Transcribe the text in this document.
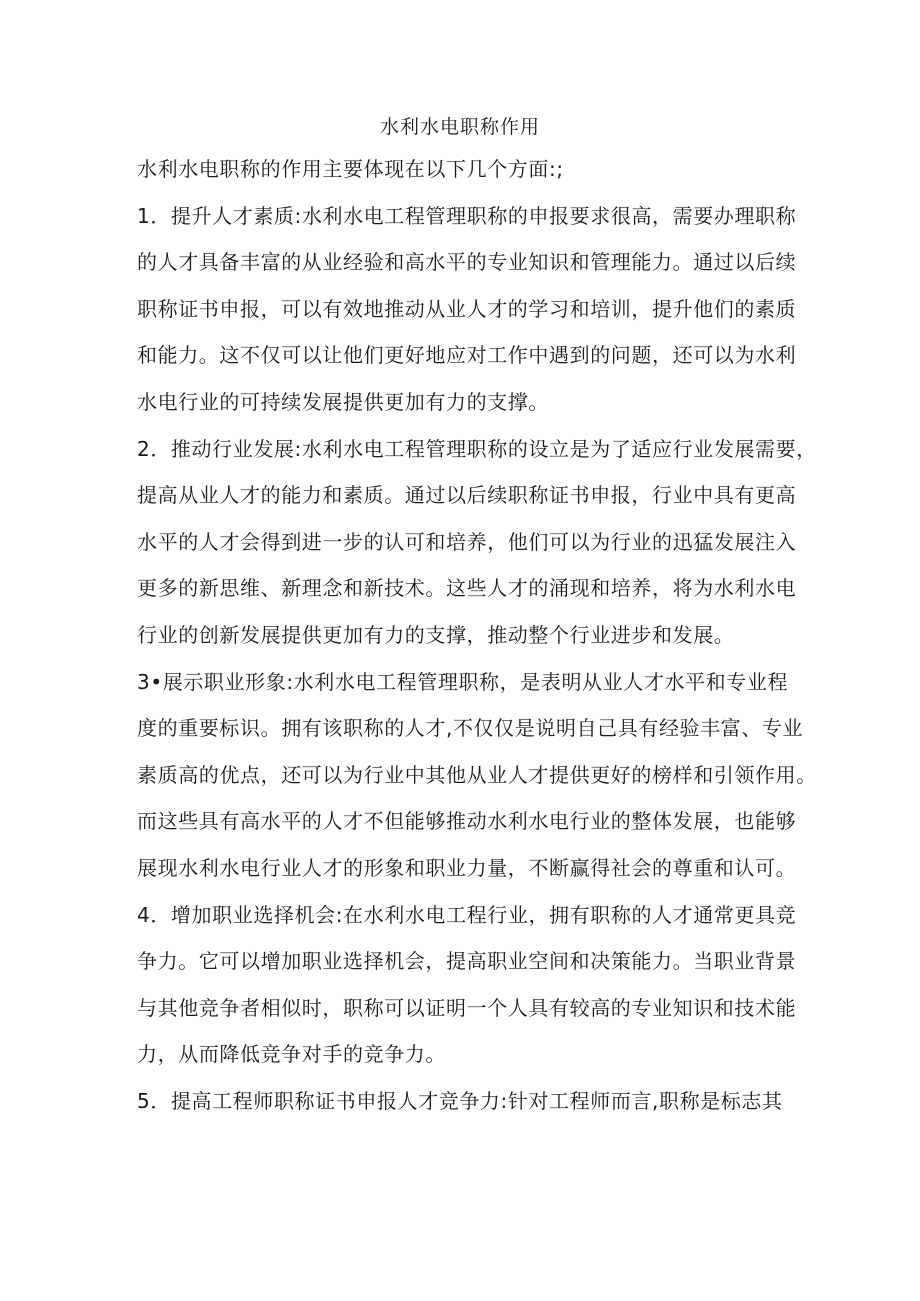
水利水电职称作用
水利水电职称的作用主要体现在以下几个方面:;
1．提升人才素质:水利水电工程管理职称的申报要求很高，需要办理职称
的人才具备丰富的从业经验和高水平的专业知识和管理能力。通过以后续
职称证书申报，可以有效地推动从业人才的学习和培训，提升他们的素质
和能力。这不仅可以让他们更好地应对工作中遇到的问题，还可以为水利
水电行业的可持续发展提供更加有力的支撑。
2．推动行业发展:水利水电工程管理职称的设立是为了适应行业发展需要，
提高从业人才的能力和素质。通过以后续职称证书申报，行业中具有更高
水平的人才会得到进一步的认可和培养，他们可以为行业的迅猛发展注入
更多的新思维、新理念和新技术。这些人才的涌现和培养，将为水利水电
行业的创新发展提供更加有力的支撑，推动整个行业进步和发展。
3•展示职业形象:水利水电工程管理职称，是表明从业人才水平和专业程
度的重要标识。拥有该职称的人才,不仅仅是说明自己具有经验丰富、专业
素质高的优点，还可以为行业中其他从业人才提供更好的榜样和引领作用。
而这些具有高水平的人才不但能够推动水利水电行业的整体发展，也能够
展现水利水电行业人才的形象和职业力量，不断赢得社会的尊重和认可。
4．增加职业选择机会:在水利水电工程行业，拥有职称的人才通常更具竞
争力。它可以增加职业选择机会，提高职业空间和决策能力。当职业背景
与其他竞争者相似时，职称可以证明一个人具有较高的专业知识和技术能
力，从而降低竞争对手的竞争力。
5．提高工程师职称证书申报人才竞争力:针对工程师而言,职称是标志其
